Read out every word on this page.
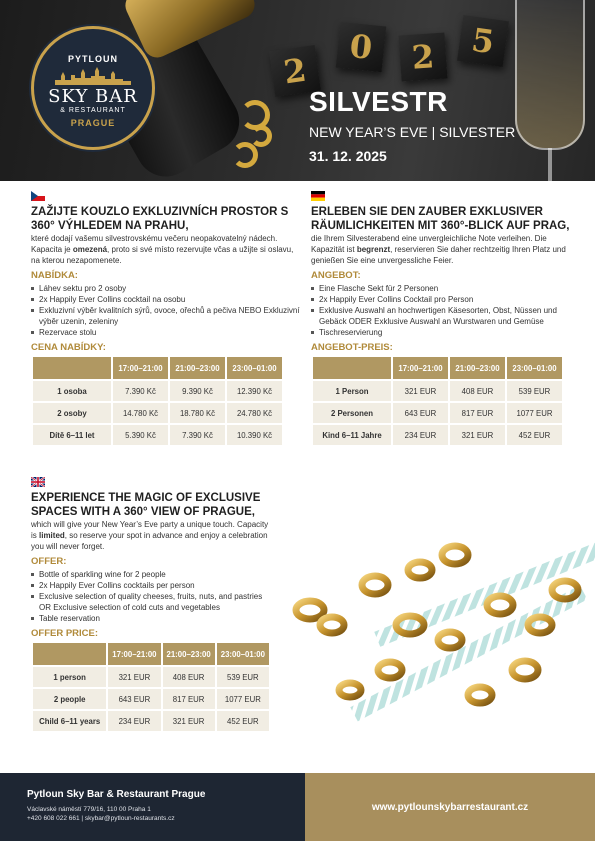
2
0	2	5
PYTLOUN
SKY BAR
& RESTAURANT
PRAGUE
SILVESTR
NEW YEAR’S EVE | SILVESTER
31. 12. 2025
ZAŽIJTE KOUZLO EXKLUZIVNÍCH PROSTOR S 360° VÝHLEDEM NA PRAHU,

které dodají vašemu silvestrovskému večeru neopakovatelný nádech. Kapacita je omezená, proto si své místo rezervujte včas a užijte si oslavu, na kterou nezapomenete.

NABÍDKA:
Láhev sektu pro 2 osoby
2x Happily Ever Collins cocktail na osobu
Exkluzivní výběr kvalitních sýrů, ovoce, ořechů a pečiva NEBO Exkluzivní výběr uzenin, zeleniny
Rezervace stolu
CENA NABÍDKY:
	17:00–21:00	21:00–23:00	23:00–01:00
1 osoba	7.390 Kč	9.390 Kč	12.390 Kč
2 osoby	14.780 Kč	18.780 Kč	24.780 Kč
Dítě 6–11 let	5.390 Kč	7.390 Kč	10.390 Kč
ERLEBEN SIE DEN ZAUBER EXKLUSIVER RÄUMLICHKEITEN MIT 360°-BLICK AUF PRAG,

die Ihrem Silvesterabend eine unvergleichliche Note verleihen. Die Kapazität ist begrenzt, reservieren Sie daher rechtzeitig Ihren Platz und genießen Sie eine unvergessliche Feier.

ANGEBOT:
Eine Flasche Sekt für 2 Personen
2x Happily Ever Collins Cocktail pro Person
Exklusive Auswahl an hochwertigen Käsesorten, Obst, Nüssen und Gebäck ODER Exklusive Auswahl an Wurstwaren und Gemüse
Tischreservierung
ANGEBOT-PREIS:
	17:00–21:00	21:00–23:00	23:00–01:00
1 Person	321 EUR	408 EUR	539 EUR
2 Personen	643 EUR	817 EUR	1077 EUR
Kind 6–11 Jahre	234 EUR	321 EUR	452 EUR
EXPERIENCE THE MAGIC OF EXCLUSIVE SPACES WITH A 360° VIEW OF PRAGUE,

which will give your New Year’s Eve party a unique touch. Capacity is limited, so reserve your spot in advance and enjoy a celebration you will never forget.

OFFER:
Bottle of sparkling wine for 2 people
2x Happily Ever Collins cocktails per person
Exclusive selection of quality cheeses, fruits, nuts, and pastries OR Exclusive selection of cold cuts and vegetables
Table reservation
OFFER PRICE:
	17:00–21:00	21:00–23:00	23:00–01:00
1 person	321 EUR	408 EUR	539 EUR
2 people	643 EUR	817 EUR	1077 EUR
Child 6–11 years	234 EUR	321 EUR	452 EUR
Pytloun Sky Bar & Restaurant Prague
Václavské náměstí 779/16, 110 00 Praha 1
+420 608 022 661 | skybar@pytloun-restaurants.cz
www.pytlounskybarrestaurant.cz
